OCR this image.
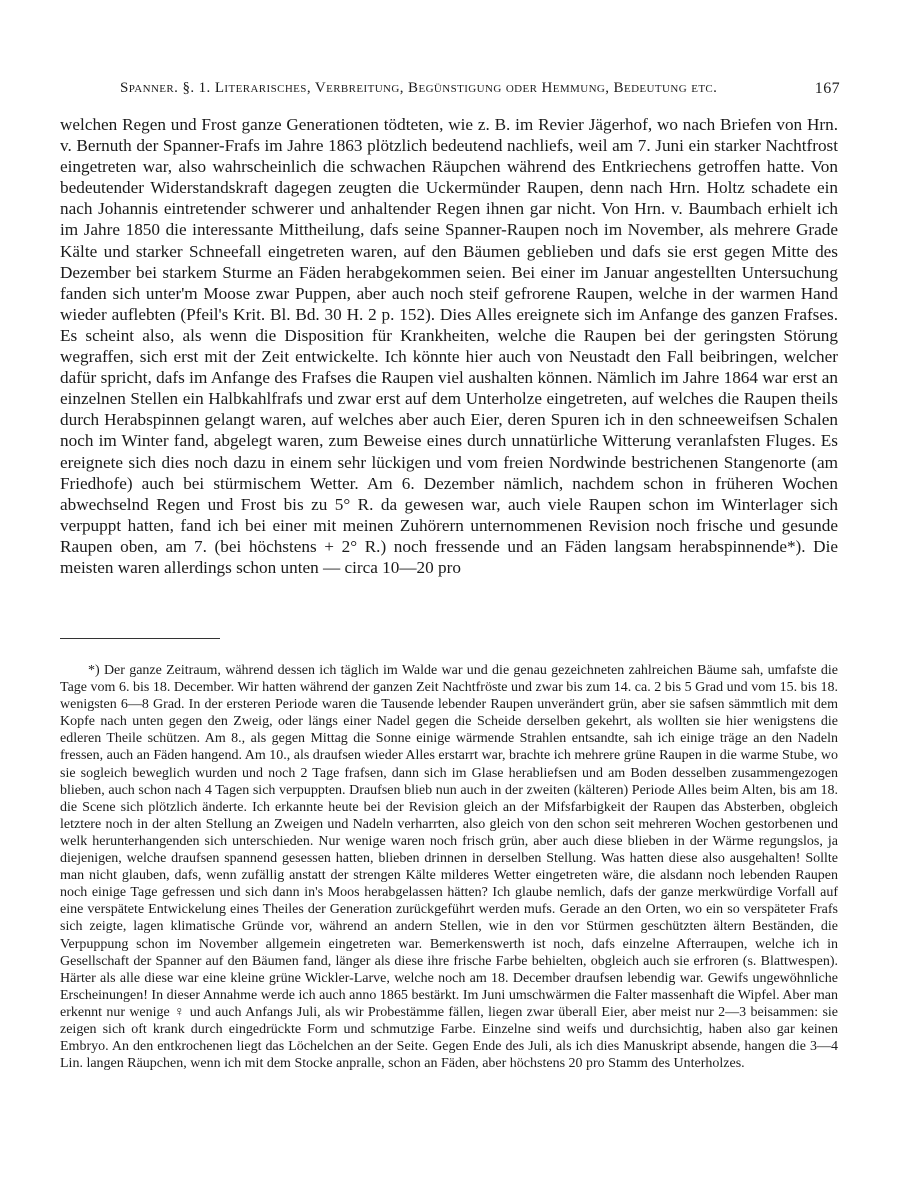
Spanner. §. 1. Literarisches, Verbreitung, Begünstigung oder Hemmung, Bedeutung etc.	167

welchen Regen und Frost ganze Generationen tödteten, wie z. B. im Revier Jägerhof, wo nach Briefen von Hrn. v. Bernuth der Spanner-Frafs im Jahre 1863 plötzlich bedeutend nachliefs, weil am 7. Juni ein starker Nachtfrost eingetreten war, also wahrscheinlich die schwachen Räupchen während des Entkriechens getroffen hatte. Von bedeutender Widerstandskraft dagegen zeugten die Uckermünder Raupen, denn nach Hrn. Holtz schadete ein nach Johannis eintretender schwerer und anhaltender Regen ihnen gar nicht. Von Hrn. v. Baumbach erhielt ich im Jahre 1850 die interessante Mittheilung, dafs seine Spanner-Raupen noch im November, als mehrere Grade Kälte und starker Schneefall eingetreten waren, auf den Bäumen geblieben und dafs sie erst gegen Mitte des Dezember bei starkem Sturme an Fäden herabgekommen seien. Bei einer im Januar angestellten Untersuchung fanden sich unter'm Moose zwar Puppen, aber auch noch steif gefrorene Raupen, welche in der warmen Hand wieder auflebten (Pfeil's Krit. Bl. Bd. 30 H. 2 p. 152). Dies Alles ereignete sich im Anfange des ganzen Frafses. Es scheint also, als wenn die Disposition für Krankheiten, welche die Raupen bei der geringsten Störung wegraffen, sich erst mit der Zeit entwickelte. Ich könnte hier auch von Neustadt den Fall beibringen, welcher dafür spricht, dafs im Anfange des Frafses die Raupen viel aushalten können. Nämlich im Jahre 1864 war erst an einzelnen Stellen ein Halbkahlfrafs und zwar erst auf dem Unterholze eingetreten, auf welches die Raupen theils durch Herabspinnen gelangt waren, auf welches aber auch Eier, deren Spuren ich in den schneeweifsen Schalen noch im Winter fand, abgelegt waren, zum Beweise eines durch unnatürliche Witterung veranlafsten Fluges. Es ereignete sich dies noch dazu in einem sehr lückigen und vom freien Nordwinde bestrichenen Stangenorte (am Friedhofe) auch bei stürmischem Wetter. Am 6. Dezember nämlich, nachdem schon in früheren Wochen abwechselnd Regen und Frost bis zu 5° R. da gewesen war, auch viele Raupen schon im Winterlager sich verpuppt hatten, fand ich bei einer mit meinen Zuhörern unternommenen Revision noch frische und gesunde Raupen oben, am 7. (bei höchstens + 2° R.) noch fressende und an Fäden langsam herabspinnende*). Die meisten waren allerdings schon unten — circa 10—20 pro

*) Der ganze Zeitraum, während dessen ich täglich im Walde war und die genau gezeichneten zahlreichen Bäume sah, umfafste die Tage vom 6. bis 18. December. Wir hatten während der ganzen Zeit Nachtfröste und zwar bis zum 14. ca. 2 bis 5 Grad und vom 15. bis 18. wenigsten 6—8 Grad. In der ersteren Periode waren die Tausende lebender Raupen unverändert grün, aber sie safsen sämmtlich mit dem Kopfe nach unten gegen den Zweig, oder längs einer Nadel gegen die Scheide derselben gekehrt, als wollten sie hier wenigstens die edleren Theile schützen. Am 8., als gegen Mittag die Sonne einige wärmende Strahlen entsandte, sah ich einige träge an den Nadeln fressen, auch an Fäden hangend. Am 10., als draufsen wieder Alles erstarrt war, brachte ich mehrere grüne Raupen in die warme Stube, wo sie sogleich beweglich wurden und noch 2 Tage frafsen, dann sich im Glase herabliefsen und am Boden desselben zusammengezogen blieben, auch schon nach 4 Tagen sich verpuppten. Draufsen blieb nun auch in der zweiten (kälteren) Periode Alles beim Alten, bis am 18. die Scene sich plötzlich änderte. Ich erkannte heute bei der Revision gleich an der Mifsfarbigkeit der Raupen das Absterben, obgleich letztere noch in der alten Stellung an Zweigen und Nadeln verharrten, also gleich von den schon seit mehreren Wochen gestorbenen und welk herunterhangenden sich unterschieden. Nur wenige waren noch frisch grün, aber auch diese blieben in der Wärme regungslos, ja diejenigen, welche draufsen spannend gesessen hatten, blieben drinnen in derselben Stellung. Was hatten diese also ausgehalten! Sollte man nicht glauben, dafs, wenn zufällig anstatt der strengen Kälte milderes Wetter eingetreten wäre, die alsdann noch lebenden Raupen noch einige Tage gefressen und sich dann in's Moos herabgelassen hätten? Ich glaube nemlich, dafs der ganze merkwürdige Vorfall auf eine verspätete Entwickelung eines Theiles der Generation zurückgeführt werden mufs. Gerade an den Orten, wo ein so verspäteter Frafs sich zeigte, lagen klimatische Gründe vor, während an andern Stellen, wie in den vor Stürmen geschützten ältern Beständen, die Verpuppung schon im November allgemein eingetreten war. Bemerkenswerth ist noch, dafs einzelne Afterraupen, welche ich in Gesellschaft der Spanner auf den Bäumen fand, länger als diese ihre frische Farbe behielten, obgleich auch sie erfroren (s. Blattwespen). Härter als alle diese war eine kleine grüne Wickler-Larve, welche noch am 18. December draufsen lebendig war. Gewifs ungewöhnliche Erscheinungen! In dieser Annahme werde ich auch anno 1865 bestärkt. Im Juni umschwärmen die Falter massenhaft die Wipfel. Aber man erkennt nur wenige ♀ und auch Anfangs Juli, als wir Probestämme fällen, liegen zwar überall Eier, aber meist nur 2—3 beisammen: sie zeigen sich oft krank durch eingedrückte Form und schmutzige Farbe. Einzelne sind weifs und durchsichtig, haben also gar keinen Embryo. An den entkrochenen liegt das Löchelchen an der Seite. Gegen Ende des Juli, als ich dies Manuskript absende, hangen die 3—4 Lin. langen Räupchen, wenn ich mit dem Stocke anpralle, schon an Fäden, aber höchstens 20 pro Stamm des Unterholzes.
